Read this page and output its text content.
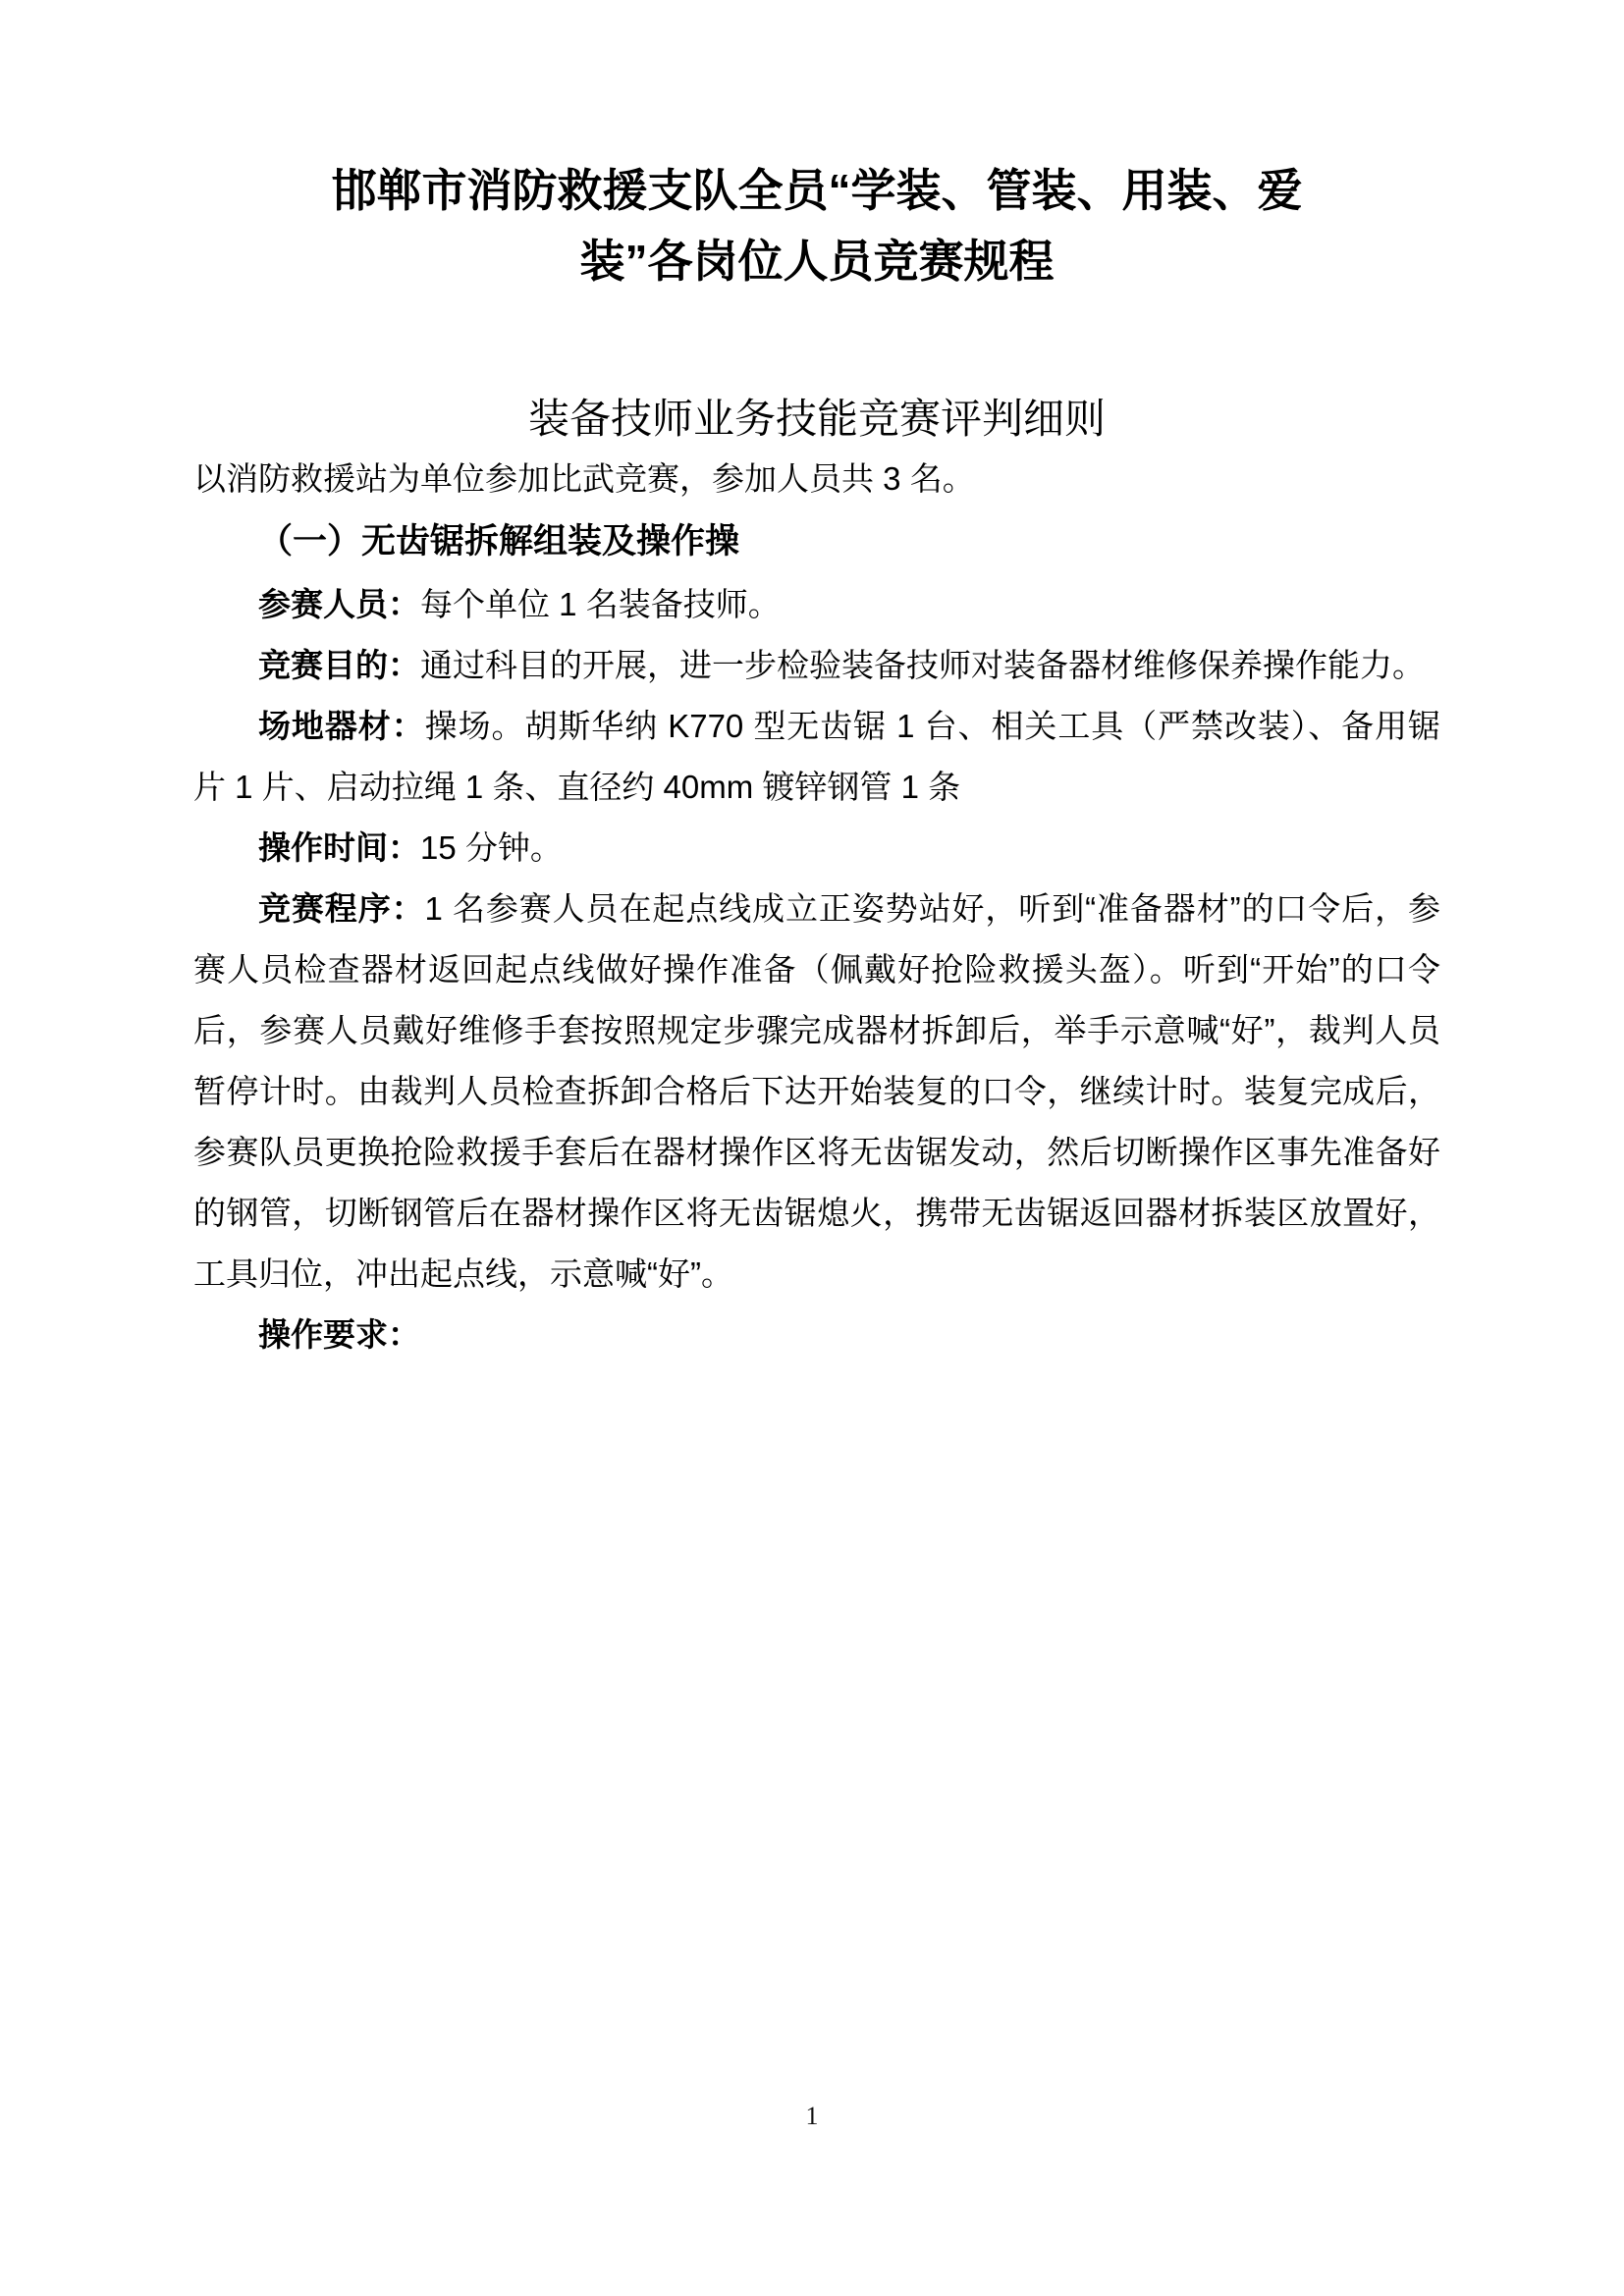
邯郸市消防救援支队全员“学装、管装、用装、爱
装”各岗位人员竞赛规程
装备技师业务技能竞赛评判细则

以消防救援站为单位参加比武竞赛，参加人员共 3 名。

（一）无齿锯拆解组装及操作操

参赛人员：每个单位 1 名装备技师。

竞赛目的：通过科目的开展，进一步检验装备技师对装备器材维修保养操作能力。

场地器材：操场。胡斯华纳 K770 型无齿锯 1 台、相关工具（严禁改装）、备用锯片 1 片、启动拉绳 1 条、直径约 40mm 镀锌钢管 1 条

操作时间：15 分钟。

竞赛程序：1 名参赛人员在起点线成立正姿势站好，听到“准备器材”的口令后，参赛人员检查器材返回起点线做好操作准备（佩戴好抢险救援头盔）。听到“开始”的口令后，参赛人员戴好维修手套按照规定步骤完成器材拆卸后，举手示意喊“好”，裁判人员暂停计时。由裁判人员检查拆卸合格后下达开始装复的口令，继续计时。装复完成后，参赛队员更换抢险救援手套后在器材操作区将无齿锯发动，然后切断操作区事先准备好的钢管，切断钢管后在器材操作区将无齿锯熄火，携带无齿锯返回器材拆装区放置好，工具归位，冲出起点线，示意喊“好”。

操作要求：

1
